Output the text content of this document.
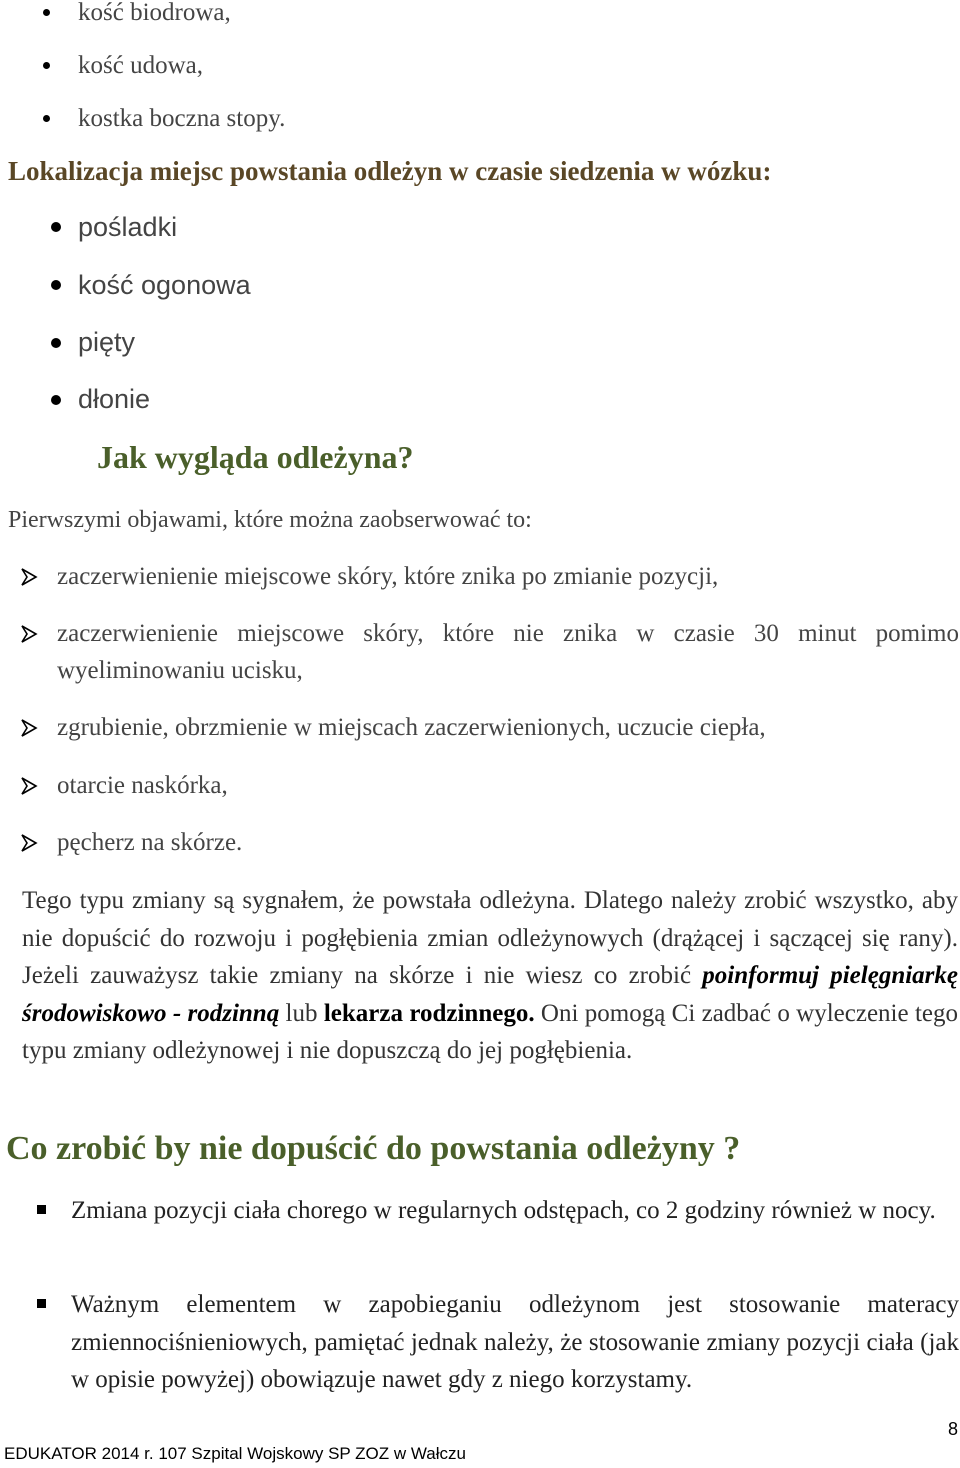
kość biodrowa,
kość udowa,
kostka boczna stopy.
Lokalizacja miejsc powstania odleżyn w czasie siedzenia w wózku:
pośladki
kość ogonowa
pięty
dłonie
Jak wygląda odleżyna?
Pierwszymi objawami, które można zaobserwować to:
zaczerwienienie miejscowe skóry, które znika po zmianie pozycji,
zaczerwienienie miejscowe skóry, które nie znika w czasie 30 minut pomimo
wyeliminowaniu ucisku,
zgrubienie, obrzmienie w miejscach zaczerwienionych, uczucie ciepła,
otarcie naskórka,
pęcherz na skórze.
Tego typu zmiany są sygnałem, że powstała odleżyna. Dlatego należy zrobić wszystko, aby nie dopuścić do rozwoju i pogłębienia zmian odleżynowych (drążącej i sączącej się rany). Jeżeli zauważysz takie zmiany na skórze i nie wiesz co zrobić poinformuj pielęgniarkę środowiskowo - rodzinną lub lekarza rodzinnego. Oni pomogą Ci zadbać o wyleczenie tego typu zmiany odleżynowej i nie dopuszczą do jej pogłębienia.
Co zrobić by nie dopuścić do powstania odleżyny ?
Zmiana pozycji ciała chorego w regularnych odstępach, co 2 godziny również w nocy.
Ważnym elementem w zapobieganiu odleżynom jest stosowanie materacy zmiennociśnieniowych, pamiętać jednak należy, że stosowanie zmiany pozycji ciała (jak w opisie powyżej) obowiązuje nawet gdy z niego korzystamy.
8
EDUKATOR 2014 r. 107 Szpital Wojskowy SP ZOZ w Wałczu
